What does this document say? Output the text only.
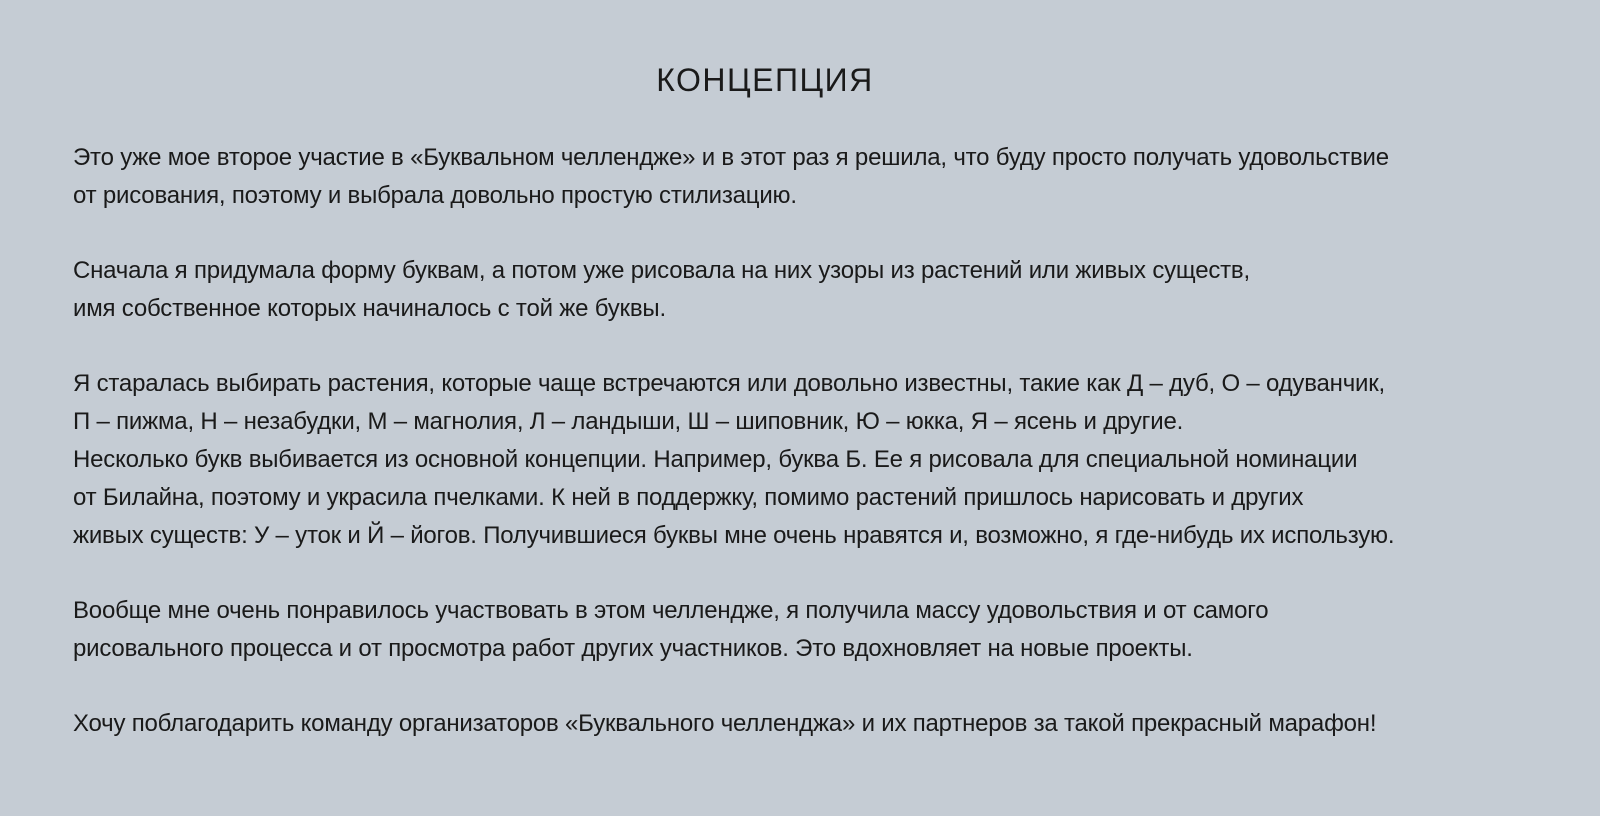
КОНЦЕПЦИЯ

Это уже мое второе участие в «Буквальном челлендже» и в этот раз я решила, что буду просто получать удовольствие
от рисования, поэтому и выбрала довольно простую стилизацию.

Сначала я придумала форму буквам, а потом уже рисовала на них узоры из растений или живых существ,
имя собственное которых начиналось с той же буквы.

Я старалась выбирать растения, которые чаще встречаются или довольно известны, такие как Д – дуб, О – одуванчик,
П – пижма, Н – незабудки, М – магнолия, Л – ландыши, Ш – шиповник, Ю – юкка, Я – ясень и другие.
Несколько букв выбивается из основной концепции. Например, буква Б. Ее я рисовала для специальной номинации
от Билайна, поэтому и украсила пчелками. К ней в поддержку, помимо растений пришлось нарисовать и других
живых существ: У – уток и Й – йогов. Получившиеся буквы мне очень нравятся и, возможно, я где-нибудь их использую.

Вообще мне очень понравилось участвовать в этом челлендже, я получила массу удовольствия и от самого
рисовального процесса и от просмотра работ других участников. Это вдохновляет на новые проекты.

Хочу поблагодарить команду организаторов «Буквального челленджа» и их партнеров за такой прекрасный марафон!
